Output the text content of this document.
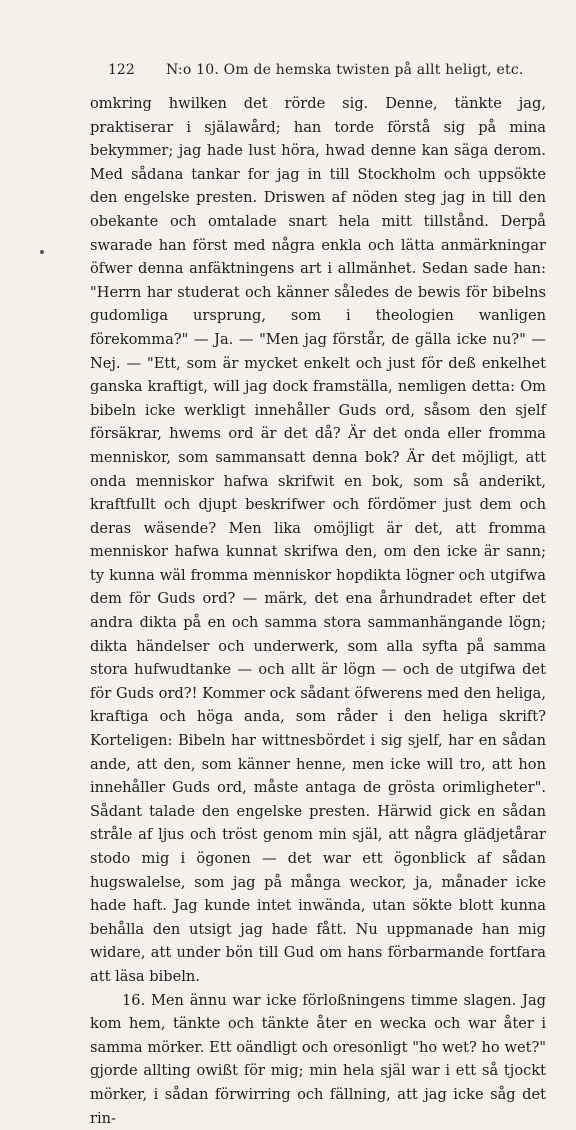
122 N:o 10. Om de hemska twisten på allt heligt, etc.

omkring hwilken det rörde sig. Denne, tänkte jag, praktiserar i själawård; han torde förstå sig på mina bekymmer; jag hade lust höra, hwad denne kan säga derom. Med sådana tankar for jag in till Stockholm och uppsökte den engelske presten. Driswen af nöden steg jag in till den obekante och omtalade snart hela mitt tillstånd. Derpå swarade han först med några enkla och lätta anmärkningar öfwer denna anfäktningens art i allmänhet. Sedan sade han: "Herrn har studerat och känner således de bewis för bibelns gudomliga ursprung, som i theologien wanligen förekomma?" — Ja. — "Men jag förstår, de gälla icke nu?" — Nej. — "Ett, som är mycket enkelt och just för deß enkelhet ganska kraftigt, will jag dock framställa, nemligen detta: Om bibeln icke werkligt innehåller Guds ord, såsom den sjelf försäkrar, hwems ord är det då? Är det onda eller fromma menniskor, som sammansatt denna bok? Är det möjligt, att onda menniskor hafwa skrifwit en bok, som så anderikt, kraftfullt och djupt beskrifwer och fördömer just dem och deras wäsende? Men lika omöjligt är det, att fromma menniskor hafwa kunnat skrifwa den, om den icke är sann; ty kunna wäl fromma menniskor hopdikta lögner och utgifwa dem för Guds ord? — märk, det ena århundradet efter det andra dikta på en och samma stora sammanhängande lögn; dikta händelser och underwerk, som alla syfta på samma stora hufwudtanke — och allt är lögn — och de utgifwa det för Guds ord?! Kommer ock sådant öfwerens med den heliga, kraftiga och höga anda, som råder i den heliga skrift? Korteligen: Bibeln har wittnesbördet i sig sjelf, har en sådan ande, att den, som känner henne, men icke will tro, att hon innehåller Guds ord, måste antaga de grösta orimligheter". Sådant talade den engelske presten. Härwid gick en sådan stråle af ljus och tröst genom min själ, att några glädjetårar stodo mig i ögonen — det war ett ögonblick af sådan hugswalelse, som jag på många weckor, ja, månader icke hade haft. Jag kunde intet inwända, utan sökte blott kunna behålla den utsigt jag hade fått. Nu uppmanade han mig widare, att under bön till Gud om hans förbarmande fortfara att läsa bibeln.

16. Men ännu war icke förloßningens timme slagen. Jag kom hem, tänkte och tänkte åter en wecka och war åter i samma mörker. Ett oändligt och oresonligt "ho wet? ho wet?" gjorde allting owißt för mig; min hela själ war i ett så tjockt mörker, i sådan förwirring och fällning, att jag icke såg det rin-
